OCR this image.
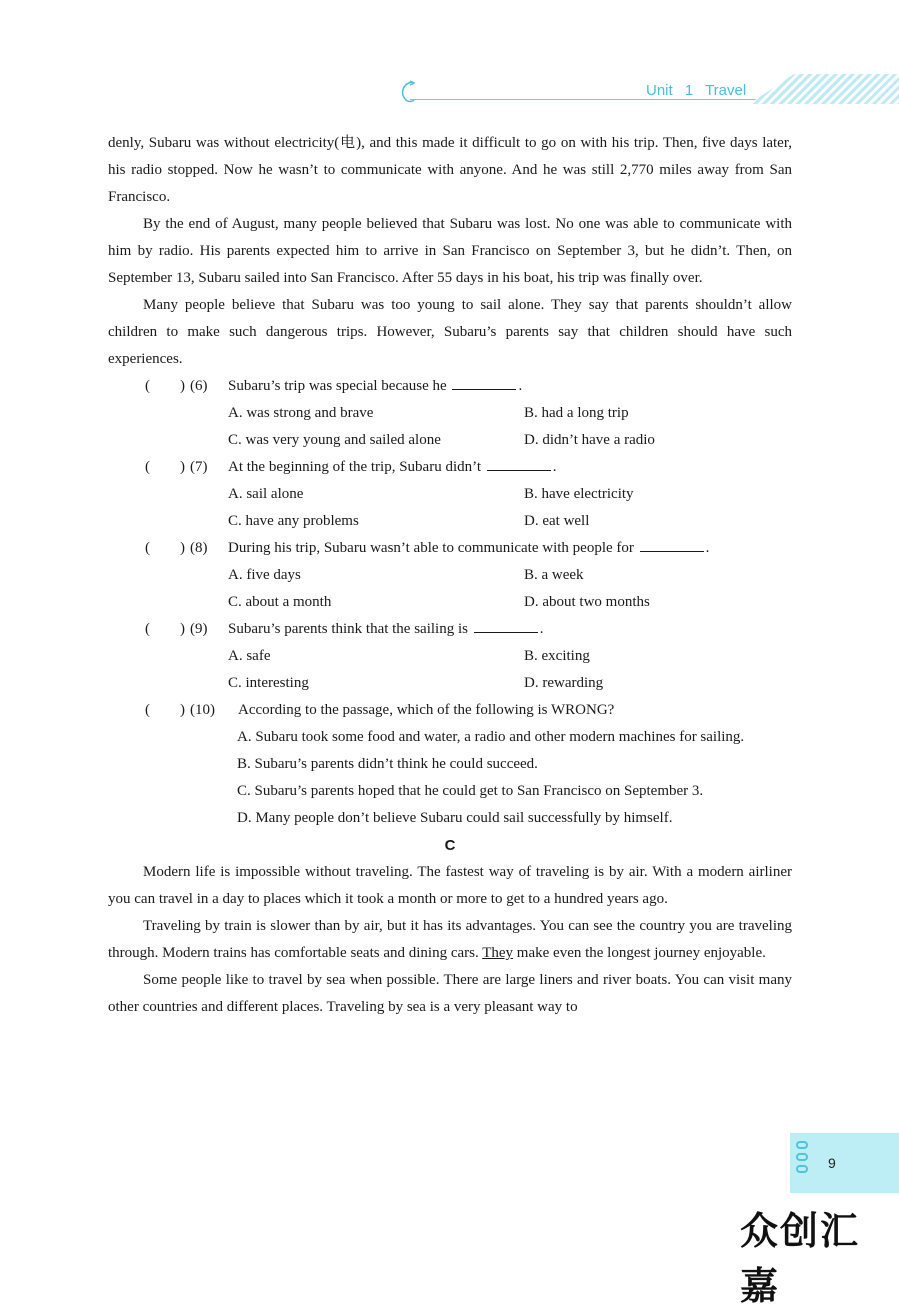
Unit 1 Travel

denly, Subaru was without electricity(电), and this made it difficult to go on with his trip. Then, five days later, his radio stopped. Now he wasn’t to communicate with anyone. And he was still 2,770 miles away from San Francisco.

By the end of August, many people believed that Subaru was lost. No one was able to communicate with him by radio. His parents expected him to arrive in San Francisco on September 3, but he didn’t. Then, on September 13, Subaru sailed into San Francisco. After 55 days in his boat, his trip was finally over.

Many people believe that Subaru was too young to sail alone. They say that parents shouldn’t allow children to make such dangerous trips. However, Subaru’s parents say that children should have such experiences.

(　　) (6) Subaru’s trip was special because he	.
A. was strong and brave	B. had a long trip
C. was very young and sailed alone	D. didn’t have a radio
(　　) (7) At the beginning of the trip, Subaru didn’t	.
A. sail alone	B. have electricity
C. have any problems	D. eat well
(　　) (8) During his trip, Subaru wasn’t able to communicate with people for	.
A. five days	B. a week
C. about a month	D. about two months
(　　) (9) Subaru’s parents think that the sailing is	.
A. safe	B. exciting
C. interesting	D. rewarding
(　　) (10) According to the passage, which of the following is WRONG?

A. Subaru took some food and water, a radio and other modern machines for sailing.

B. Subaru’s parents didn’t think he could succeed.

C. Subaru’s parents hoped that he could get to San Francisco on September 3.

D. Many people don’t believe Subaru could sail successfully by himself.

C

Modern life is impossible without traveling. The fastest way of traveling is by air. With a modern airliner you can travel in a day to places which it took a month or more to get to a hundred years ago.

Traveling by train is slower than by air, but it has its advantages. You can see the country you are traveling through. Modern trains has comfortable seats and dining cars. They make even the longest journey enjoyable.

Some people like to travel by sea when possible. There are large liners and river boats. You can visit many other countries and different places. Traveling by sea is a very pleasant way to

9
众创汇嘉
